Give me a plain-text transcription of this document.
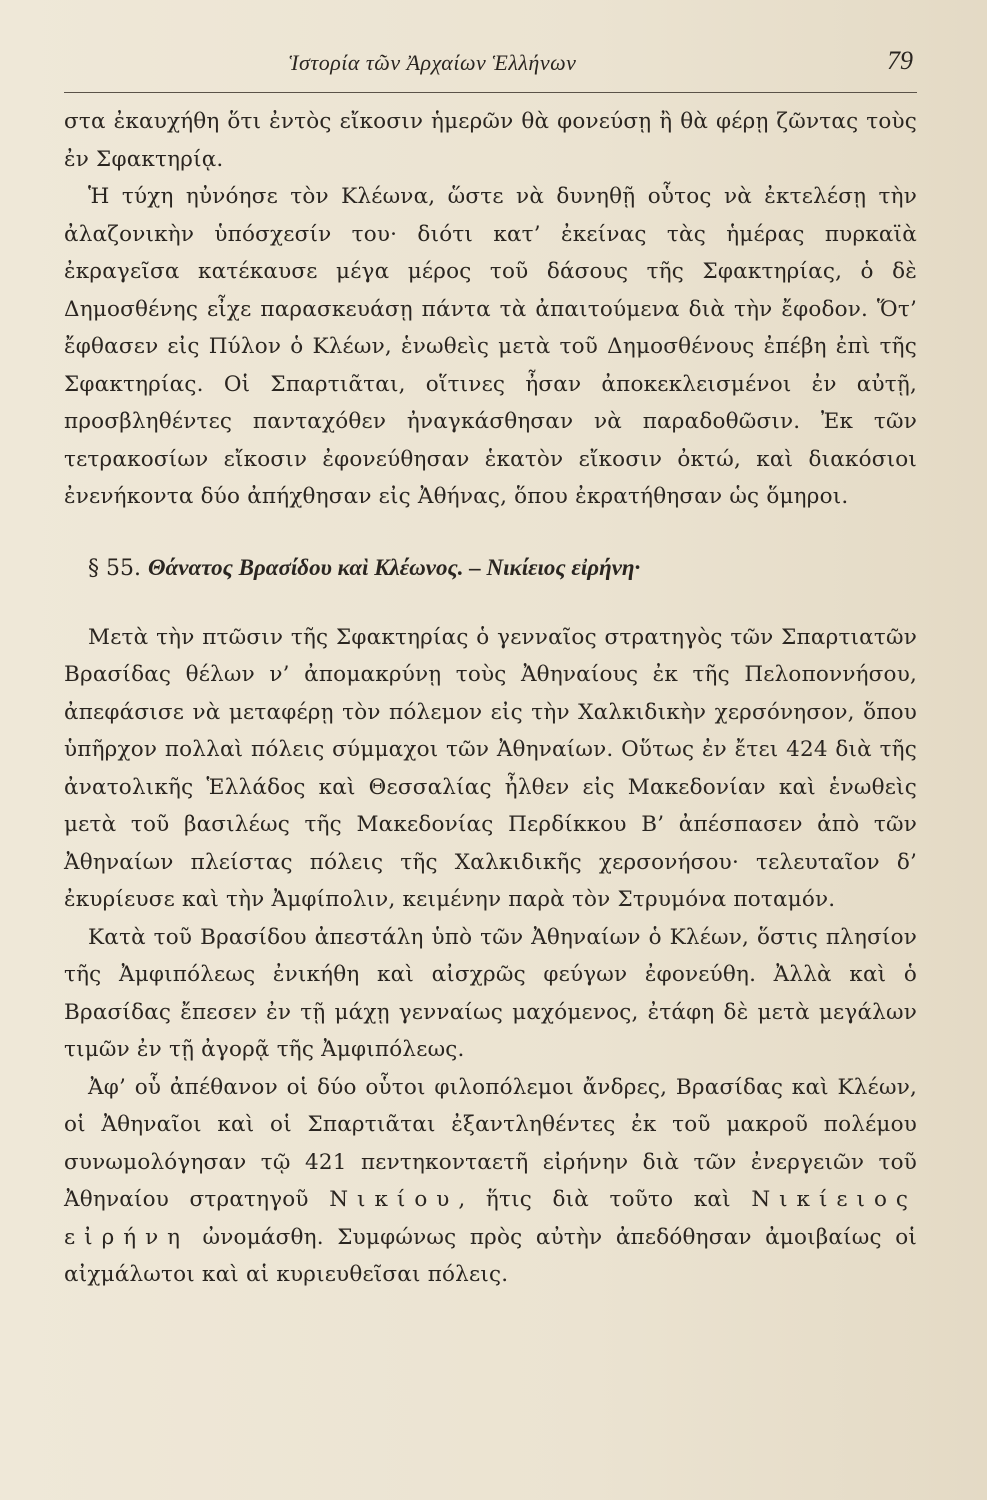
Ἱστορία τῶν Ἀρχαίων Ἑλλήνων	79

στα ἐκαυχήθη ὅτι ἐντὸς εἴκοσιν ἡμερῶν θὰ φονεύσῃ ἢ θὰ φέρῃ ζῶντας τοὺς ἐν Σφακτηρίᾳ.

Ἡ τύχη ηὐνόησε τὸν Κλέωνα, ὥστε νὰ δυνηθῇ οὗτος νὰ ἐκτελέσῃ τὴν ἀλαζονικὴν ὑπόσχεσίν του· διότι κατ’ ἐκείνας τὰς ἡμέρας πυρκαϊὰ ἐκραγεῖσα κατέκαυσε μέγα μέρος τοῦ δάσους τῆς Σφακτηρίας, ὁ δὲ Δημοσθένης εἶχε παρασκευάσῃ πάντα τὰ ἀπαιτούμενα διὰ τὴν ἔφοδον. Ὅτ’ ἔφθασεν εἰς Πύλον ὁ Κλέων, ἑνωθεὶς μετὰ τοῦ Δημοσθένους ἐπέβη ἐπὶ τῆς Σφακτηρίας. Οἱ Σπαρτιᾶται, οἵτινες ἦσαν ἀποκεκλεισμένοι ἐν αὐτῇ, προσβληθέντες πανταχόθεν ἠναγκάσθησαν νὰ παραδοθῶσιν. Ἐκ τῶν τετρακοσίων εἴκοσιν ἐφονεύθησαν ἑκατὸν εἴκοσιν ὀκτώ, καὶ διακόσιοι ἐνενήκοντα δύο ἀπήχθησαν εἰς Ἀθήνας, ὅπου ἐκρατήθησαν ὡς ὅμηροι.

§ 55. Θάνατος Βρασίδου καὶ Κλέωνος. – Νικίειος εἰρήνη·

Μετὰ τὴν πτῶσιν τῆς Σφακτηρίας ὁ γενναῖος στρατηγὸς τῶν Σπαρτιατῶν Βρασίδας θέλων ν’ ἀπομακρύνῃ τοὺς Ἀθηναίους ἐκ τῆς Πελοποννήσου, ἀπεφάσισε νὰ μεταφέρῃ τὸν πόλεμον εἰς τὴν Χαλκιδικὴν χερσόνησον, ὅπου ὑπῆρχον πολλαὶ πόλεις σύμμαχοι τῶν Ἀθηναίων. Οὕτως ἐν ἔτει 424 διὰ τῆς ἀνατολικῆς Ἑλλάδος καὶ Θεσσαλίας ἦλθεν εἰς Μακεδονίαν καὶ ἑνωθεὶς μετὰ τοῦ βασιλέως τῆς Μακεδονίας Περδίκκου Β’ ἀπέσπασεν ἀπὸ τῶν Ἀθηναίων πλείστας πόλεις τῆς Χαλκιδικῆς χερσονήσου· τελευταῖον δ’ ἐκυρίευσε καὶ τὴν Ἀμφίπολιν, κειμένην παρὰ τὸν Στρυμόνα ποταμόν.

Κατὰ τοῦ Βρασίδου ἀπεστάλη ὑπὸ τῶν Ἀθηναίων ὁ Κλέων, ὅστις πλησίον τῆς Ἀμφιπόλεως ἐνικήθη καὶ αἰσχρῶς φεύγων ἐφονεύθη. Ἀλλὰ καὶ ὁ Βρασίδας ἔπεσεν ἐν τῇ μάχῃ γενναίως μαχόμενος, ἐτάφη δὲ μετὰ μεγάλων τιμῶν ἐν τῇ ἀγορᾷ τῆς Ἀμφιπόλεως.

Ἀφ’ οὗ ἀπέθανον οἱ δύο οὗτοι φιλοπόλεμοι ἄνδρες, Βρασίδας καὶ Κλέων, οἱ Ἀθηναῖοι καὶ οἱ Σπαρτιᾶται ἐξαντληθέντες ἐκ τοῦ μακροῦ πολέμου συνωμολόγησαν τῷ 421 πεντηκονταετῆ εἰρήνην διὰ τῶν ἐνεργειῶν τοῦ Ἀθηναίου στρατηγοῦ Νικίου, ἥτις διὰ τοῦτο καὶ Νικίειος εἰρήνη ὠνομάσθη. Συμφώνως πρὸς αὐτὴν ἀπεδόθησαν ἀμοιβαίως οἱ αἰχμάλωτοι καὶ αἱ κυριευθεῖσαι πόλεις.
